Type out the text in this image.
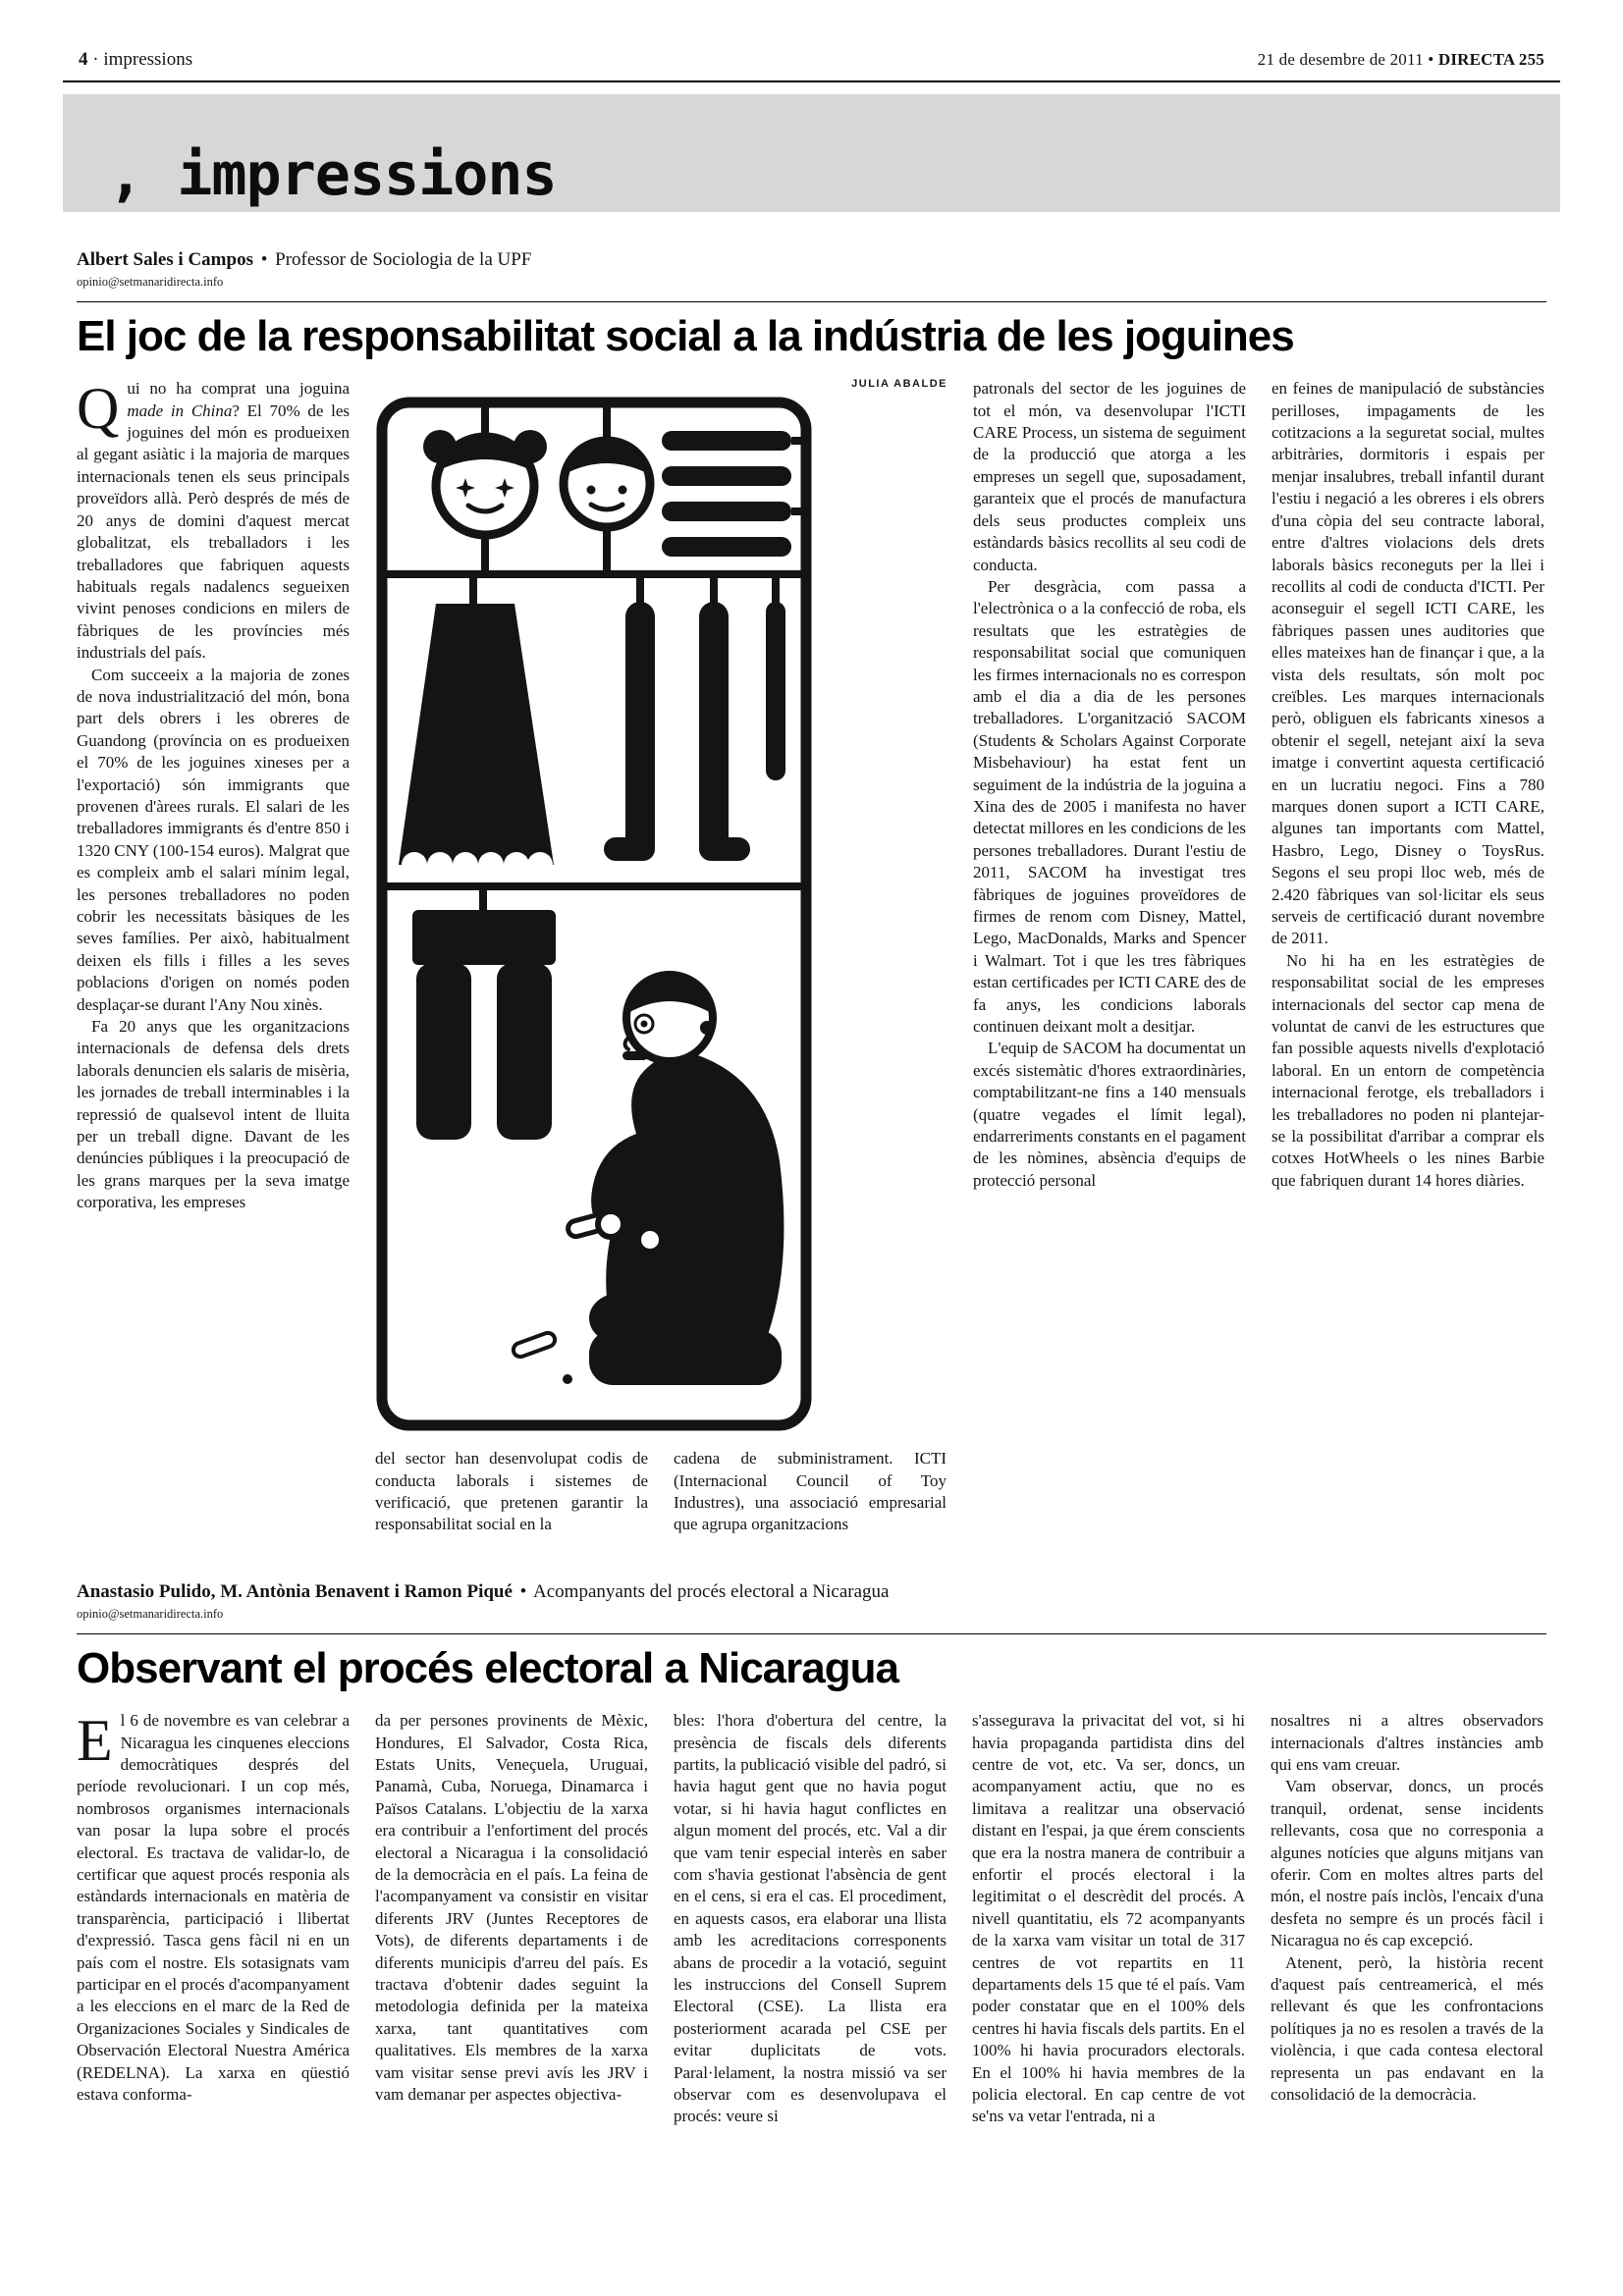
4 · impressions	21 de desembre de 2011 • DIRECTA 255
, impressions
Albert Sales i Campos • Professor de Sociologia de la UPF
opinio@setmanaridirecta.info
El joc de la responsabilitat social a la indústria de les joguines

Qui no ha comprat una joguina made in China? El 70% de les joguines del món es produeixen al gegant asiàtic i la majoria de marques internacionals tenen els seus principals proveïdors allà. Però després de més de 20 anys de domini d'aquest mercat globalitzat, els treballadors i les treballadores que fabriquen aquests habituals regals nadalencs segueixen vivint penoses condicions en milers de fàbriques de les províncies més industrials del país.

Com succeeix a la majoria de zones de nova industrialització del món, bona part dels obrers i les obreres de Guandong (província on es produeixen el 70% de les joguines xineses per a l'exportació) són immigrants que provenen d'àrees rurals. El salari de les treballadores immigrants és d'entre 850 i 1320 CNY (100-154 euros). Malgrat que es compleix amb el salari mínim legal, les persones treballadores no poden cobrir les necessitats bàsiques de les seves famílies. Per això, habitualment deixen els fills i filles a les seves poblacions d'origen on només poden desplaçar-se durant l'Any Nou xinès.

Fa 20 anys que les organitzacions internacionals de defensa dels drets laborals denuncien els salaris de misèria, les jornades de treball interminables i la repressió de qualsevol intent de lluita per un treball digne. Davant de les denúncies públiques i la preocupació de les grans marques per la seva imatge corporativa, les empreses

JULIA ABALDE

del sector han desenvolupat codis de conducta laborals i sistemes de verificació, que pretenen garantir la responsabilitat social en la

cadena de subministrament. ICTI (Internacional Council of Toy Industres), una associació empresarial que agrupa organitzacions

patronals del sector de les joguines de tot el món, va desenvolupar l'ICTI CARE Process, un sistema de seguiment de la producció que atorga a les empreses un segell que, suposadament, garanteix que el procés de manufactura dels seus productes compleix uns estàndards bàsics recollits al seu codi de conducta.

Per desgràcia, com passa a l'electrònica o a la confecció de roba, els resultats que les estratègies de responsabilitat social que comuniquen les firmes internacionals no es correspon amb el dia a dia de les persones treballadores. L'organització SACOM (Students & Scholars Against Corporate Misbehaviour) ha estat fent un seguiment de la indústria de la joguina a Xina des de 2005 i manifesta no haver detectat millores en les condicions de les persones treballadores. Durant l'estiu de 2011, SACOM ha investigat tres fàbriques de joguines proveïdores de firmes de renom com Disney, Mattel, Lego, MacDonalds, Marks and Spencer i Walmart. Tot i que les tres fàbriques estan certificades per ICTI CARE des de fa anys, les condicions laborals continuen deixant molt a desitjar.

L'equip de SACOM ha documentat un excés sistemàtic d'hores extraordinàries, comptabilitzant-ne fins a 140 mensuals (quatre vegades el límit legal), endarreriments constants en el pagament de les nòmines, absència d'equips de protecció personal

en feines de manipulació de substàncies perilloses, impagaments de les cotitzacions a la seguretat social, multes arbitràries, dormitoris i espais per menjar insalubres, treball infantil durant l'estiu i negació a les obreres i els obrers d'una còpia del seu contracte laboral, entre d'altres violacions dels drets laborals bàsics reconeguts per la llei i recollits al codi de conducta d'ICTI. Per aconseguir el segell ICTI CARE, les fàbriques passen unes auditories que elles mateixes han de finançar i que, a la vista dels resultats, són molt poc creïbles. Les marques internacionals però, obliguen els fabricants xinesos a obtenir el segell, netejant així la seva imatge i convertint aquesta certificació en un lucratiu negoci. Fins a 780 marques donen suport a ICTI CARE, algunes tan importants com Mattel, Hasbro, Lego, Disney o ToysRus. Segons el seu propi lloc web, més de 2.420 fàbriques van sol·licitar els seus serveis de certificació durant novembre de 2011.

No hi ha en les estratègies de responsabilitat social de les empreses internacionals del sector cap mena de voluntat de canvi de les estructures que fan possible aquests nivells d'explotació laboral. En un entorn de competència internacional ferotge, els treballadors i les treballadores no poden ni plantejar-se la possibilitat d'arribar a comprar els cotxes HotWheels o les nines Barbie que fabriquen durant 14 hores diàries.

Anastasio Pulido, M. Antònia Benavent i Ramon Piqué • Acompanyants del procés electoral a Nicaragua
opinio@setmanaridirecta.info
Observant el procés electoral a Nicaragua

El 6 de novembre es van celebrar a Nicaragua les cinquenes eleccions democràtiques després del període revolucionari. I un cop més, nombrosos organismes internacionals van posar la lupa sobre el procés electoral. Es tractava de validar-lo, de certificar que aquest procés responia als estàndards internacionals en matèria de transparència, participació i llibertat d'expressió. Tasca gens fàcil ni en un país com el nostre. Els sotasignats vam participar en el procés d'acompanyament a les eleccions en el marc de la Red de Organizaciones Sociales y Sindicales de Observación Electoral Nuestra América (REDELNA). La xarxa en qüestió estava conforma-

da per persones provinents de Mèxic, Hondures, El Salvador, Costa Rica, Estats Units, Veneçuela, Uruguai, Panamà, Cuba, Noruega, Dinamarca i Països Catalans. L'objectiu de la xarxa era contribuir a l'enfortiment del procés electoral a Nicaragua i la consolidació de la democràcia en el país. La feina de l'acompanyament va consistir en visitar diferents JRV (Juntes Receptores de Vots), de diferents departaments i de diferents municipis d'arreu del país. Es tractava d'obtenir dades seguint la metodologia definida per la mateixa xarxa, tant quantitatives com qualitatives. Els membres de la xarxa vam visitar sense previ avís les JRV i vam demanar per aspectes objectiva-

bles: l'hora d'obertura del centre, la presència de fiscals dels diferents partits, la publicació visible del padró, si havia hagut gent que no havia pogut votar, si hi havia hagut conflictes en algun moment del procés, etc. Val a dir que vam tenir especial interès en saber com s'havia gestionat l'absència de gent en el cens, si era el cas. El procediment, en aquests casos, era elaborar una llista amb les acreditacions corresponents abans de procedir a la votació, seguint les instruccions del Consell Suprem Electoral (CSE). La llista era posteriorment acarada pel CSE per evitar duplicitats de vots. Paral·lelament, la nostra missió va ser observar com es desenvolupava el procés: veure si

s'assegurava la privacitat del vot, si hi havia propaganda partidista dins del centre de vot, etc. Va ser, doncs, un acompanyament actiu, que no es limitava a realitzar una observació distant en l'espai, ja que érem conscients que era la nostra manera de contribuir a enfortir el procés electoral i la legitimitat o el descrèdit del procés. A nivell quantitatiu, els 72 acompanyants de la xarxa vam visitar un total de 317 centres de vot repartits en 11 departaments dels 15 que té el país. Vam poder constatar que en el 100% dels centres hi havia fiscals dels partits. En el 100% hi havia procuradors electorals. En el 100% hi havia membres de la policia electoral. En cap centre de vot se'ns va vetar l'entrada, ni a

nosaltres ni a altres observadors internacionals d'altres instàncies amb qui ens vam creuar.

Vam observar, doncs, un procés tranquil, ordenat, sense incidents rellevants, cosa que no corresponia a algunes notícies que alguns mitjans van oferir. Com en moltes altres parts del món, el nostre país inclòs, l'encaix d'una desfeta no sempre és un procés fàcil i Nicaragua no és cap excepció.

Atenent, però, la història recent d'aquest país centreamericà, el més rellevant és que les confrontacions polítiques ja no es resolen a través de la violència, i que cada contesa electoral representa un pas endavant en la consolidació de la democràcia.
